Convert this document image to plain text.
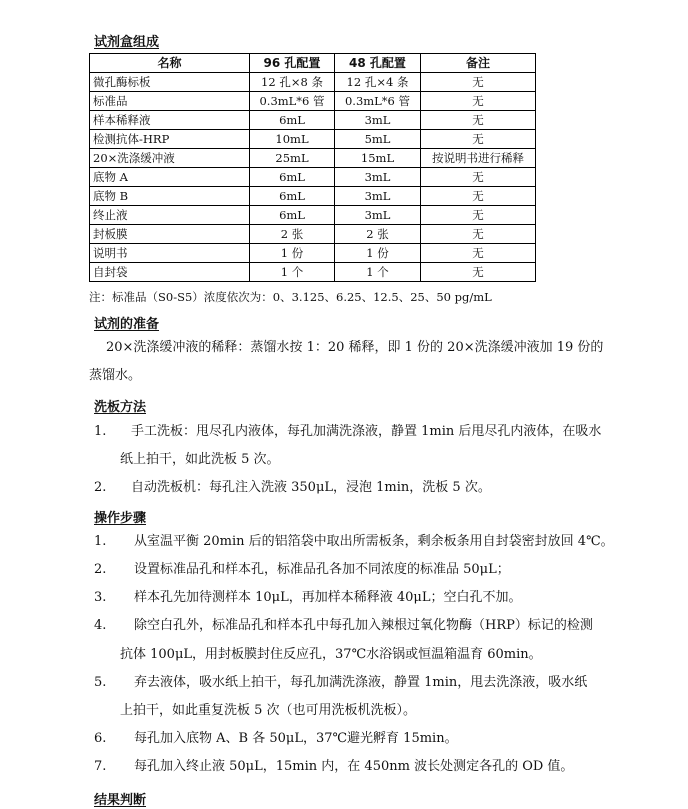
试剂盒组成
名称	96 孔配置	48 孔配置	备注
微孔酶标板	12 孔×8 条	12 孔×4 条	无
标准品	0.3mL*6 管	0.3mL*6 管	无
样本稀释液	6mL	3mL	无
检测抗体-HRP	10mL	5mL	无
20×洗涤缓冲液	25mL	15mL	按说明书进行稀释
底物 A	6mL	3mL	无
底物 B	6mL	3mL	无
终止液	6mL	3mL	无
封板膜	2 张	2 张	无
说明书	1 份	1 份	无
自封袋	1 个	1 个	无
注：标准品（S0-S5）浓度依次为：0、3.125、6.25、12.5、25、50 pg/mL
试剂的准备
20×洗涤缓冲液的稀释：蒸馏水按 1：20 稀释，即 1 份的 20×洗涤缓冲液加 19 份的
蒸馏水。
洗板方法
1. 手工洗板：甩尽孔内液体，每孔加满洗涤液，静置 1min 后甩尽孔内液体，在吸水
纸上拍干，如此洗板 5 次。
2. 自动洗板机：每孔注入洗液 350μL，浸泡 1min，洗板 5 次。
操作步骤
1. 从室温平衡 20min 后的铝箔袋中取出所需板条，剩余板条用自封袋密封放回 4℃。
2. 设置标准品孔和样本孔，标准品孔各加不同浓度的标准品 50μL；
3. 样本孔先加待测样本 10μL，再加样本稀释液 40μL；空白孔不加。
4. 除空白孔外，标准品孔和样本孔中每孔加入辣根过氧化物酶（HRP）标记的检测
抗体 100μL，用封板膜封住反应孔，37℃水浴锅或恒温箱温育 60min。
5. 弃去液体，吸水纸上拍干，每孔加满洗涤液，静置 1min，甩去洗涤液，吸水纸
上拍干，如此重复洗板 5 次（也可用洗板机洗板）。
6. 每孔加入底物 A、B 各 50μL，37℃避光孵育 15min。
7. 每孔加入终止液 50μL，15min 内，在 450nm 波长处测定各孔的 OD 值。
结果判断
